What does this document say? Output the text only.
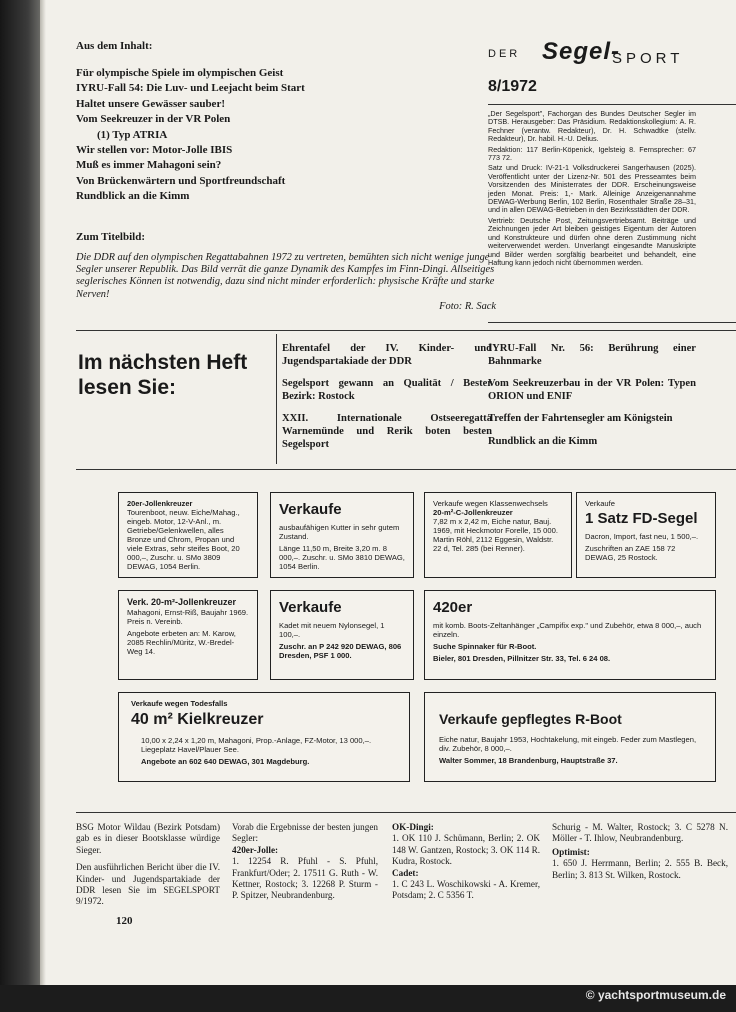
Aus dem Inhalt:
Für olympische Spiele im olympischen Geist
IYRU-Fall 54: Die Luv- und Leejacht beim Start
Haltet unsere Gewässer sauber!
Vom Seekreuzer in der VR Polen
(1) Typ ATRIA
Wir stellen vor: Motor-Jolle IBIS
Muß es immer Mahagoni sein?
Von Brückenwärtern und Sportfreundschaft
Rundblick an die Kimm
Zum Titelbild:
Die DDR auf den olympischen Regattabahnen 1972 zu vertreten, bemühten sich nicht wenige junge Segler unserer Republik. Das Bild verrät die ganze Dynamik des Kampfes im Finn-Dingi. Allseitiges seglerisches Können ist notwendig, dazu sind nicht minder erforderlich: physische Kräfte und starke Nerven!
Foto: R. Sack
DER Segel-
SPORT
8/1972

„Der Segelsport", Fachorgan des Bundes Deutscher Segler im DTSB. Herausgeber: Das Präsidium. Redaktionskollegium: A. R. Fechner (verantw. Redakteur), Dr. H. Schwadtke (stellv. Redakteur), Dr. habil. H.-U. Delius.

Redaktion: 117 Berlin-Köpenick, Igelsteig 8. Fernsprecher: 67 773 72.

Satz und Druck: IV-21-1 Volksdruckerei Sangerhausen (2025). Veröffentlicht unter der Lizenz-Nr. 501 des Presseamtes beim Vorsitzenden des Ministerrates der DDR. Erscheinungsweise jeden Monat. Preis: 1,- Mark. Alleinige Anzeigenannahme DEWAG-Werbung Berlin, 102 Berlin, Rosenthaler Straße 28–31, und in allen DEWAG-Betrieben in den Bezirksstädten der DDR.

Vertrieb: Deutsche Post, Zeitungsvertriebsamt. Beiträge und Zeichnungen jeder Art bleiben geistiges Eigentum der Autoren und Konstrukteure und dürfen ohne deren Zustimmung nicht weiterverwendet werden. Unverlangt eingesandte Manuskripte und Bilder werden sorgfältig bearbeitet und behandelt, eine Haftung kann jedoch nicht übernommen werden.

Im nächsten Heft
lesen Sie:

Ehrentafel der IV. Kinder- und Jugendspartakiade der DDR

Segelsport gewann an Qualität / Bester Bezirk: Rostock

XXII. Internationale Ostseeregatta Warnemünde und Rerik boten besten Segelsport

IYRU-Fall Nr. 56: Berührung einer Bahnmarke

Vom Seekreuzerbau in der VR Polen: Typen ORION und ENIF

Treffen der Fahrtensegler am Königstein

Rundblick an die Kimm

20er-Jollenkreuzer
Tourenboot, neuw. Eiche/Mahag., eingeb. Motor, 12-V-Anl., m. Getriebe/Gelenkwellen, alles Bronze und Chrom, Propan und viele Extras, sehr steifes Boot, 20 000,–, Zuschr. u. SMo 3809 DEWAG, 1054 Berlin.
Verkaufe

ausbaufähigen Kutter in sehr gutem Zustand.

Länge 11,50 m, Breite 3,20 m. 8 000,–. Zuschr. u. SMo 3810 DEWAG, 1054 Berlin.

Verkaufe wegen Klassenwechsels
20-m²-C-Jollenkreuzer
7,82 m x 2,42 m, Eiche natur, Bauj. 1969, mit Heckmotor Forelle, 15 000. Martin Röhl, 2112 Eggesin, Waldstr. 22 d, Tel. 285 (bei Renner).
Verkaufe
1 Satz FD-Segel

Dacron, Import, fast neu, 1 500,–.

Zuschriften an ZAE 158 72 DEWAG, 25 Rostock.

Verk. 20-m²-Jollenkreuzer

Mahagoni, Ernst-Riß, Baujahr 1969. Preis n. Vereinb.

Angebote erbeten an: M. Karow, 2085 Rechlin/Müritz, W.-Bredel-Weg 14.

Verkaufe

Kadet mit neuem Nylonsegel, 1 100,–.

Zuschr. an P 242 920 DEWAG, 806 Dresden, PSF 1 000.

420er

mit komb. Boots-Zeltanhänger „Campifix exp." und Zubehör, etwa 8 000,–, auch einzeln.

Suche Spinnaker für R-Boot.

Bieler, 801 Dresden, Pillnitzer Str. 33, Tel. 6 24 08.

Verkaufe wegen Todesfalls
40 m² Kielkreuzer

10,00 x 2,24 x 1,20 m, Mahagoni, Prop.-Anlage, FZ-Motor, 13 000,–. Liegeplatz Havel/Plauer See.

Angebote an 602 640 DEWAG, 301 Magdeburg.

Verkaufe gepflegtes R-Boot

Eiche natur, Baujahr 1953, Hochtakelung, mit eingeb. Feder zum Mastlegen, div. Zubehör, 8 000,–.

Walter Sommer, 18 Brandenburg, Hauptstraße 37.

BSG Motor Wildau (Bezirk Potsdam) gab es in dieser Bootsklasse würdige Sieger.

Den ausführlichen Bericht über die IV. Kinder- und Jugendspartakiade der DDR lesen Sie im SEGELSPORT 9/1972.

Vorab die Ergebnisse der besten jungen Segler:

420er-Jolle:

1. 12254 R. Pfuhl - S. Pfuhl, Frankfurt/Oder; 2. 17511 G. Ruth - W. Kettner, Rostock; 3. 12268 P. Sturm - P. Spitzer, Neubrandenburg.

OK-Dingi:

1. OK 110 J. Schümann, Berlin; 2. OK 148 W. Gantzen, Rostock; 3. OK 114 R. Kudra, Rostock.

Cadet:

1. C 243 L. Woschikowski - A. Kremer, Potsdam; 2. C 5356 T.

Schurig - M. Walter, Rostock; 3. C 5278 N. Möller - T. Ihlow, Neubrandenburg.

Optimist:

1. 650 J. Herrmann, Berlin; 2. 555 B. Beck, Berlin; 3. 813 St. Wilken, Rostock.

120
© yachtsportmuseum.de
